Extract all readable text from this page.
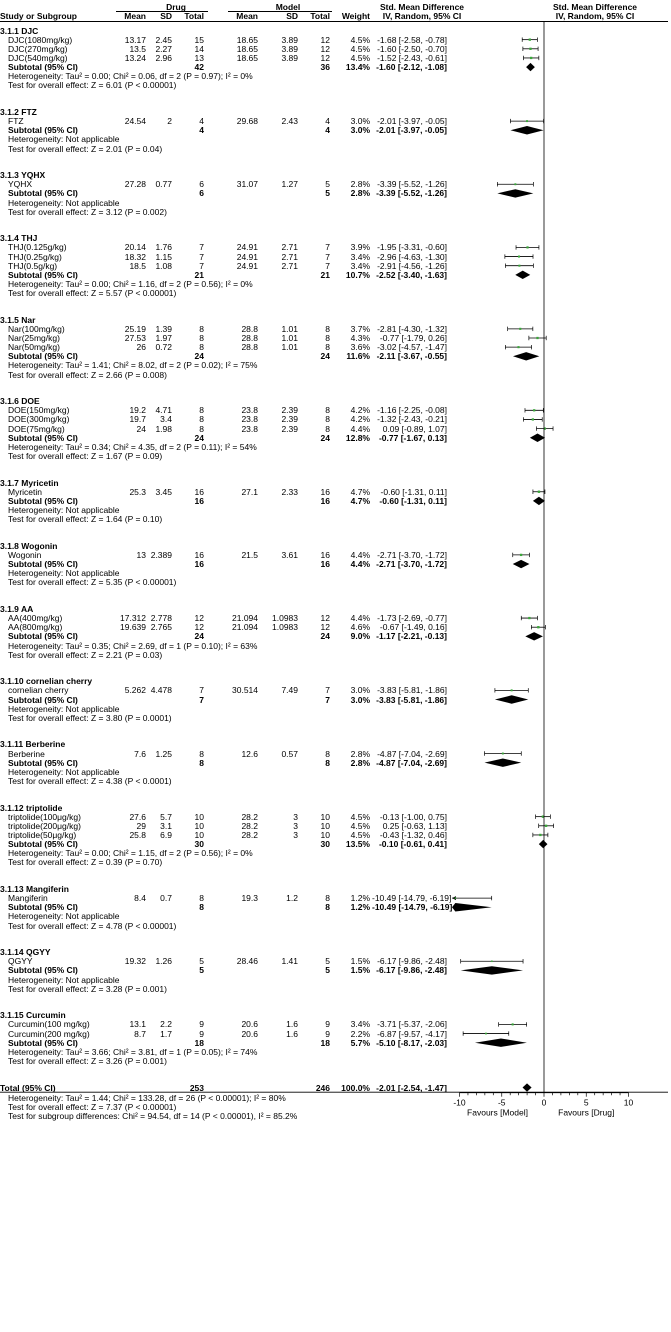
Study or Subgroup
Drug	Model
Mean	SD	Total	Mean	SD	Total	Weight
Std. Mean Difference
IV, Random, 95% CI
Std. Mean Difference
IV, Random, 95% CI
-10	-5	0	5	10
Favours [Model]	Favours [Drug]
3.1.1 DJC
DJC(1080mg/kg)	13.17	2.45	15	18.65	3.89	12	4.5% -1.68 [-2.58, -0.78]
DJC(270mg/kg)	13.5	2.27	14	18.65	3.89	12	4.5% -1.60 [-2.50, -0.70]
DJC(540mg/kg)	13.24	2.96	13	18.65	3.89	12	4.5% -1.52 [-2.43, -0.61]
Subtotal (95% CI)	42	36	13.4% -1.60 [-2.12, -1.08]
Heterogeneity: Tau² = 0.00; Chi² = 0.06, df = 2 (P = 0.97); I² = 0%
Test for overall effect: Z = 6.01 (P < 0.00001)
3.1.2 FTZ
FTZ	24.54	2	4	29.68	2.43	4	3.0% -2.01 [-3.97, -0.05]
Subtotal (95% CI)	4	4	3.0% -2.01 [-3.97, -0.05]
Heterogeneity: Not applicable
Test for overall effect: Z = 2.01 (P = 0.04)
3.1.3 YQHX
YQHX	27.28	0.77	6	31.07	1.27	5	2.8% -3.39 [-5.52, -1.26]
Subtotal (95% CI)	6	5	2.8% -3.39 [-5.52, -1.26]
Heterogeneity: Not applicable
Test for overall effect: Z = 3.12 (P = 0.002)
3.1.4 THJ
THJ(0.125g/kg)	20.14	1.76	7	24.91	2.71	7	3.9% -1.95 [-3.31, -0.60]
THJ(0.25g/kg)	18.32	1.15	7	24.91	2.71	7	3.4% -2.96 [-4.63, -1.30]
THJ(0.5g/kg)	18.5	1.08	7	24.91	2.71	7	3.4% -2.91 [-4.56, -1.26]
Subtotal (95% CI)	21	21	10.7% -2.52 [-3.40, -1.63]
Heterogeneity: Tau² = 0.00; Chi² = 1.16, df = 2 (P = 0.56); I² = 0%
Test for overall effect: Z = 5.57 (P < 0.00001)
3.1.5 Nar
Nar(100mg/kg)	25.19	1.39	8	28.8	1.01	8	3.7% -2.81 [-4.30, -1.32]
Nar(25mg/kg)	27.53	1.97	8	28.8	1.01	8	4.3%	-0.77 [-1.79, 0.26]
Nar(50mg/kg)	26	0.72	8	28.8	1.01	8	3.6% -3.02 [-4.57, -1.47]
Subtotal (95% CI)	24	24	11.6% -2.11 [-3.67, -0.55]
Heterogeneity: Tau² = 1.41; Chi² = 8.02, df = 2 (P = 0.02); I² = 75%
Test for overall effect: Z = 2.66 (P = 0.008)
3.1.6 DOE
DOE(150mg/kg)	19.2	4.71	8	23.8	2.39	8	4.2% -1.16 [-2.25, -0.08]
DOE(300mg/kg)	19.7	3.4	8	23.8	2.39	8	4.2% -1.32 [-2.43, -0.21]
DOE(75mg/kg)	24	1.98	8	23.8	2.39	8	4.4%	0.09 [-0.89, 1.07]
Subtotal (95% CI)	24	24	12.8%	-0.77 [-1.67, 0.13]
Heterogeneity: Tau² = 0.34; Chi² = 4.35, df = 2 (P = 0.11); I² = 54%
Test for overall effect: Z = 1.67 (P = 0.09)
3.1.7 Myricetin
Myricetin	25.3	3.45	16	27.1	2.33	16	4.7%	-0.60 [-1.31, 0.11]
Subtotal (95% CI)	16	16	4.7%	-0.60 [-1.31, 0.11]
Heterogeneity: Not applicable
Test for overall effect: Z = 1.64 (P = 0.10)
3.1.8 Wogonin
Wogonin	13 2.389	16	21.5	3.61	16	4.4% -2.71 [-3.70, -1.72]
Subtotal (95% CI)	16	16	4.4% -2.71 [-3.70, -1.72]
Heterogeneity: Not applicable
Test for overall effect: Z = 5.35 (P < 0.00001)
3.1.9 AA
AA(400mg/kg)	17.312 2.778	12	21.094	1.0983	12	4.4% -1.73 [-2.69, -0.77]
AA(800mg/kg)	19.639 2.765	12	21.094	1.0983	12	4.6%	-0.67 [-1.49, 0.16]
Subtotal (95% CI)	24	24	9.0% -1.17 [-2.21, -0.13]
Heterogeneity: Tau² = 0.35; Chi² = 2.69, df = 1 (P = 0.10); I² = 63%
Test for overall effect: Z = 2.21 (P = 0.03)
3.1.10 cornelian cherry
cornelian cherry	5.262 4.478	7	30.514	7.49	7	3.0% -3.83 [-5.81, -1.86]
Subtotal (95% CI)	7	7	3.0% -3.83 [-5.81, -1.86]
Heterogeneity: Not applicable
Test for overall effect: Z = 3.80 (P = 0.0001)
3.1.11 Berberine
Berberine	7.6	1.25	8	12.6	0.57	8	2.8% -4.87 [-7.04, -2.69]
Subtotal (95% CI)	8	8	2.8% -4.87 [-7.04, -2.69]
Heterogeneity: Not applicable
Test for overall effect: Z = 4.38 (P < 0.0001)
3.1.12 triptolide
triptolide(100μg/kg)	27.6	5.7	10	28.2	3	10	4.5%	-0.13 [-1.00, 0.75]
triptolide(200μg/kg)	29	3.1	10	28.2	3	10	4.5%	0.25 [-0.63, 1.13]
triptolide(50μg/kg)	25.8	6.9	10	28.2	3	10	4.5%	-0.43 [-1.32, 0.46]
Subtotal (95% CI)	30	30	13.5%	-0.10 [-0.61, 0.41]
Heterogeneity: Tau² = 0.00; Chi² = 1.15, df = 2 (P = 0.56); I² = 0%
Test for overall effect: Z = 0.39 (P = 0.70)
3.1.13 Mangiferin
Mangiferin	8.4	0.7	8	19.3	1.2	8	1.2% -10.49 [-14.79, -6.19]
Subtotal (95% CI)	8	8	1.2% -10.49 [-14.79, -6.19]
Heterogeneity: Not applicable
Test for overall effect: Z = 4.78 (P < 0.00001)
3.1.14 QGYY
QGYY	19.32	1.26	5	28.46	1.41	5	1.5% -6.17 [-9.86, -2.48]
Subtotal (95% CI)	5	5	1.5% -6.17 [-9.86, -2.48]
Heterogeneity: Not applicable
Test for overall effect: Z = 3.28 (P = 0.001)
3.1.15 Curcumin
Curcumin(100 mg/kg)	13.1	2.2	9	20.6	1.6	9	3.4% -3.71 [-5.37, -2.06]
Curcumin(200 mg/kg)	8.7	1.7	9	20.6	1.6	9	2.2% -6.87 [-9.57, -4.17]
Subtotal (95% CI)	18	18	5.7% -5.10 [-8.17, -2.03]
Heterogeneity: Tau² = 3.66; Chi² = 3.81, df = 1 (P = 0.05); I² = 74%
Test for overall effect: Z = 3.26 (P = 0.001)
Total (95% CI)	253	246	100.0% -2.01 [-2.54, -1.47]
Heterogeneity: Tau² = 1.44; Chi² = 133.28, df = 26 (P < 0.00001); I² = 80%
Test for overall effect: Z = 7.37 (P < 0.00001)
Test for subgroup differences: Chi² = 94.54, df = 14 (P < 0.00001), I² = 85.2%
